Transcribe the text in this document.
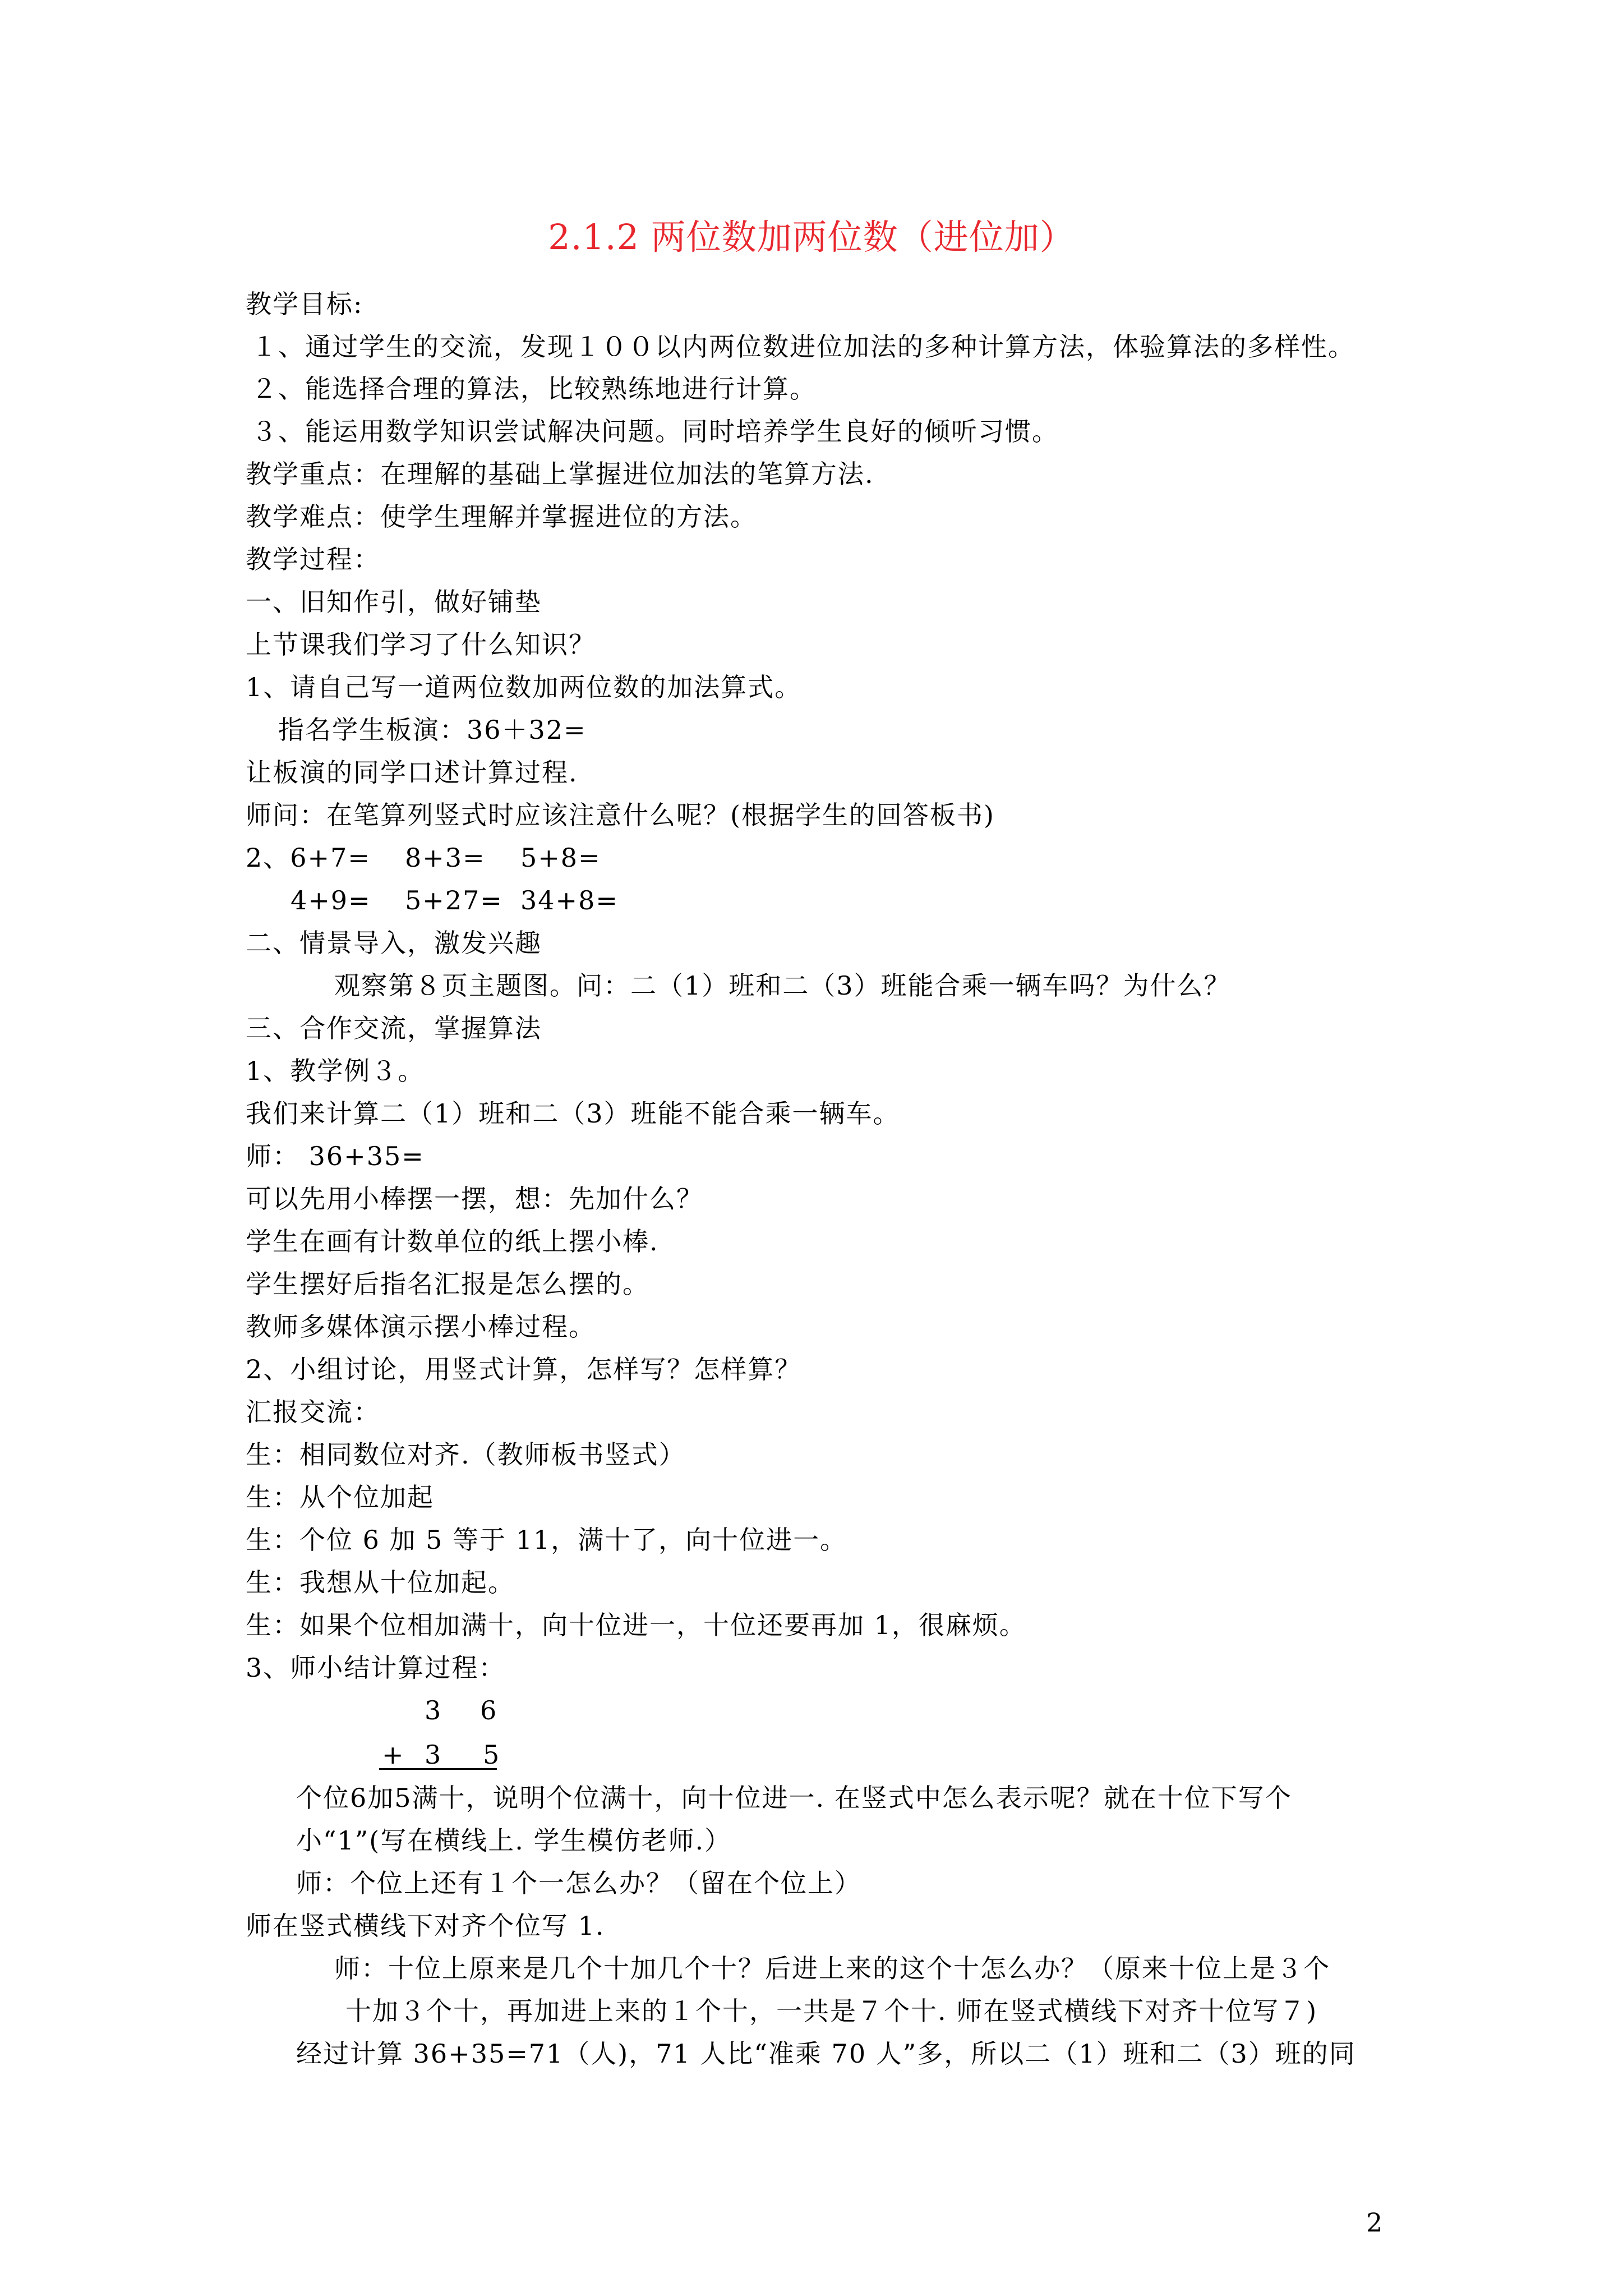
2.1.2 两位数加两位数（进位加）
教学目标:
１、通过学生的交流，发现１００以内两位数进位加法的多种计算方法，体验算法的多样性。
２、能选择合理的算法，比较熟练地进行计算。
３、能运用数学知识尝试解决问题。同时培养学生良好的倾听习惯。
教学重点：在理解的基础上掌握进位加法的笔算方法.
教学难点：使学生理解并掌握进位的方法。
教学过程：
一、旧知作引，做好铺垫
上节课我们学习了什么知识？
1、请自己写一道两位数加两位数的加法算式。
指名学生板演：36＋32=
让板演的同学口述计算过程.
师问：在笔算列竖式时应该注意什么呢？(根据学生的回答板书)
2、6+7= 8+3= 5+8=
4+9= 5+27= 34+8=
二、情景导入，激发兴趣
观察第８页主题图。问：二（1）班和二（3）班能合乘一辆车吗？为什么？
三、合作交流，掌握算法
1、教学例３。
我们来计算二（1）班和二（3）班能不能合乘一辆车。
师： 36+35=
可以先用小棒摆一摆，想：先加什么？
学生在画有计数单位的纸上摆小棒.
学生摆好后指名汇报是怎么摆的。
教师多媒体演示摆小棒过程。
2、小组讨论，用竖式计算，怎样写？怎样算？
汇报交流：
生：相同数位对齐.（教师板书竖式）
生：从个位加起
生：个位 6 加 5 等于 11，满十了，向十位进一。
生：我想从十位加起。
生：如果个位相加满十，向十位进一，十位还要再加 1，很麻烦。
3、师小结计算过程：
3 6
+ 3 5
个位6加5满十，说明个位满十，向十位进一. 在竖式中怎么表示呢？就在十位下写个
小“1”(写在横线上. 学生模仿老师.）
师：个位上还有１个一怎么办？（留在个位上）
师在竖式横线下对齐个位写 1.
师：十位上原来是几个十加几个十？后进上来的这个十怎么办？（原来十位上是３个
十加３个十，再加进上来的１个十，一共是７个十. 师在竖式横线下对齐十位写７)
经过计算 36+35=71（人)，71 人比“准乘 70 人”多，所以二（1）班和二（3）班的同
2
